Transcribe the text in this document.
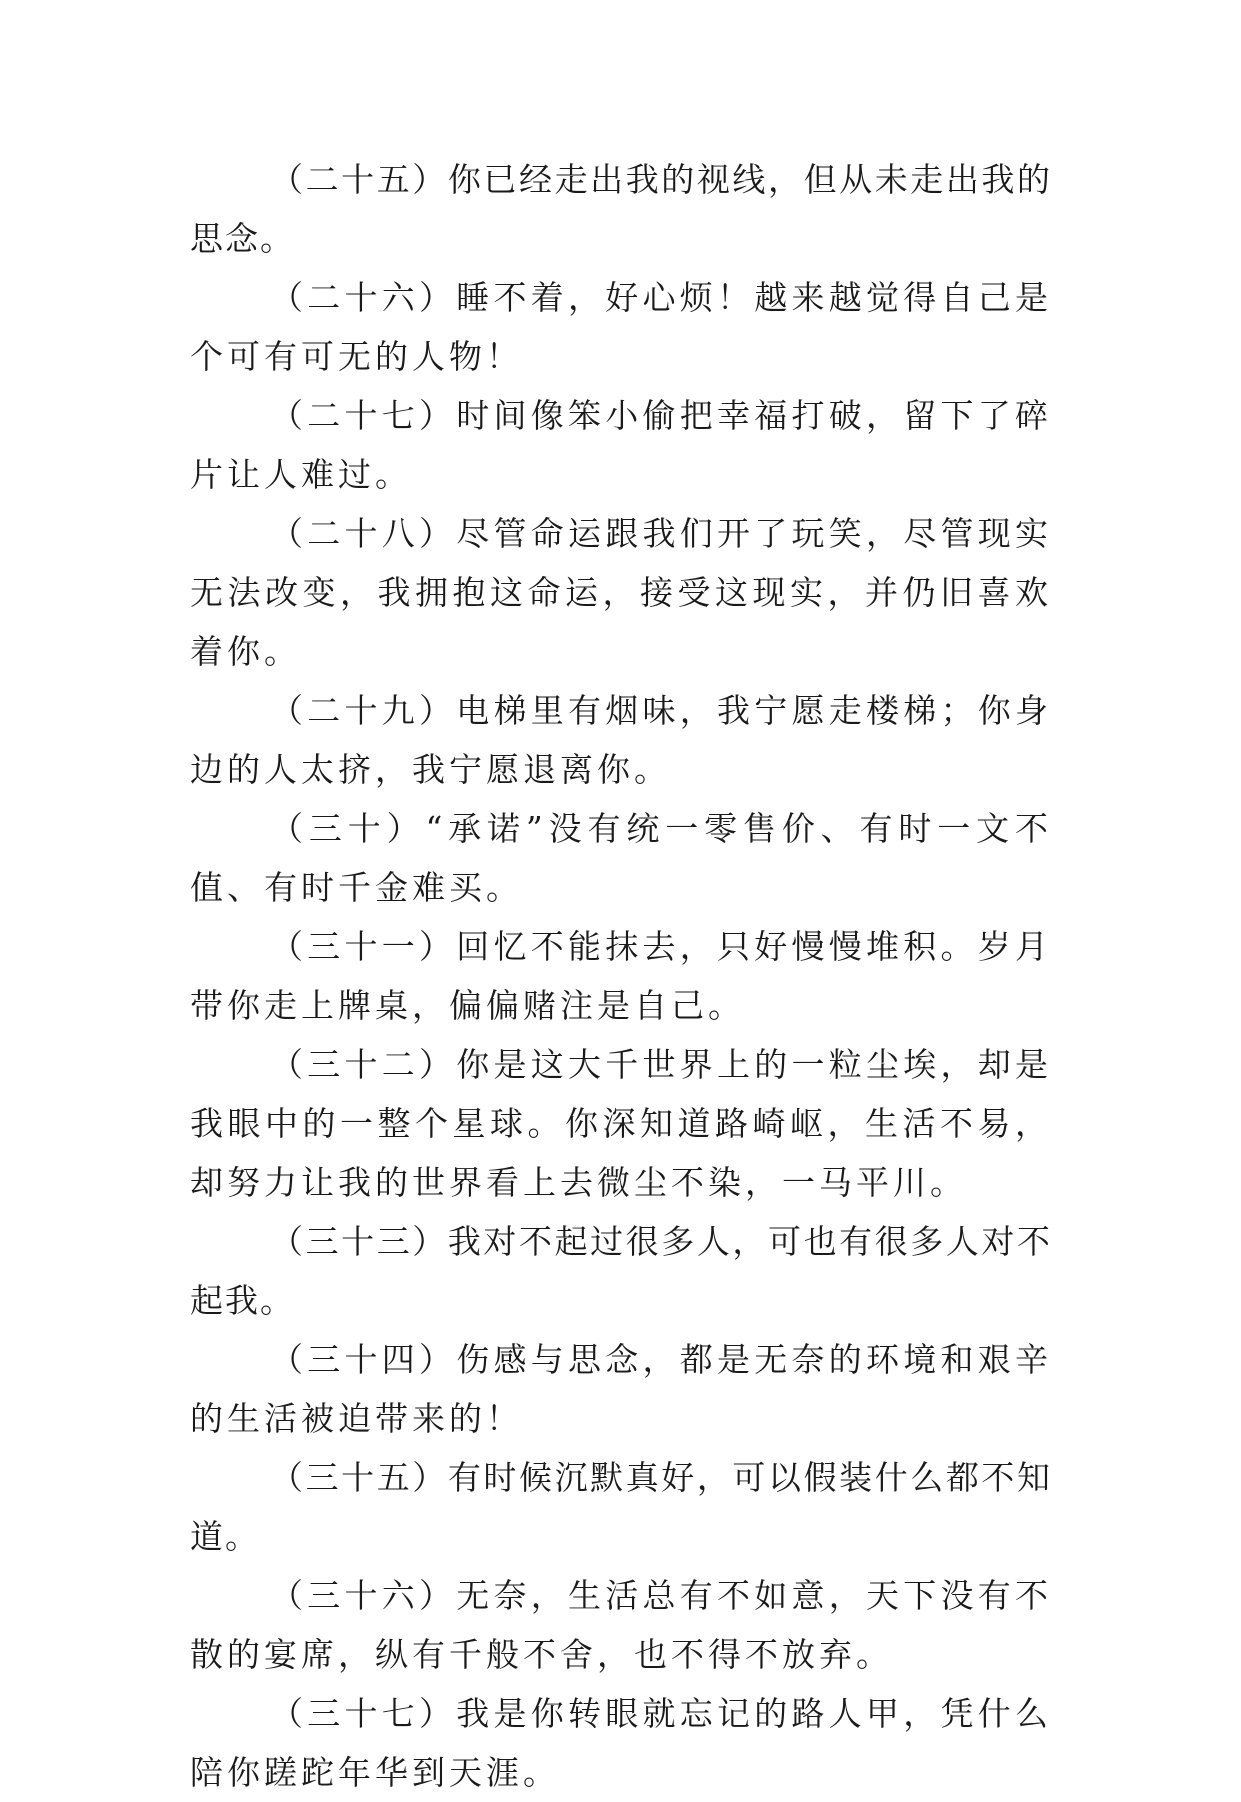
（二十五）你已经走出我的视线，但从未走出我的思念。

（二十六）睡不着，好心烦！越来越觉得自己是个可有可无的人物！

（二十七）时间像笨小偷把幸福打破，留下了碎片让人难过。

（二十八）尽管命运跟我们开了玩笑，尽管现实无法改变，我拥抱这命运，接受这现实，并仍旧喜欢着你。

（二十九）电梯里有烟味，我宁愿走楼梯；你身边的人太挤，我宁愿退离你。

（三十）“承诺”没有统一零售价、有时一文不值、有时千金难买。

（三十一）回忆不能抹去，只好慢慢堆积。岁月带你走上牌桌，偏偏赌注是自己。

（三十二）你是这大千世界上的一粒尘埃，却是我眼中的一整个星球。你深知道路崎岖，生活不易，却努力让我的世界看上去微尘不染，一马平川。

（三十三）我对不起过很多人，可也有很多人对不起我。

（三十四）伤感与思念，都是无奈的环境和艰辛的生活被迫带来的！

（三十五）有时候沉默真好，可以假装什么都不知道。

（三十六）无奈，生活总有不如意，天下没有不散的宴席，纵有千般不舍，也不得不放弃。

（三十七）我是你转眼就忘记的路人甲，凭什么陪你蹉跎年华到天涯。
